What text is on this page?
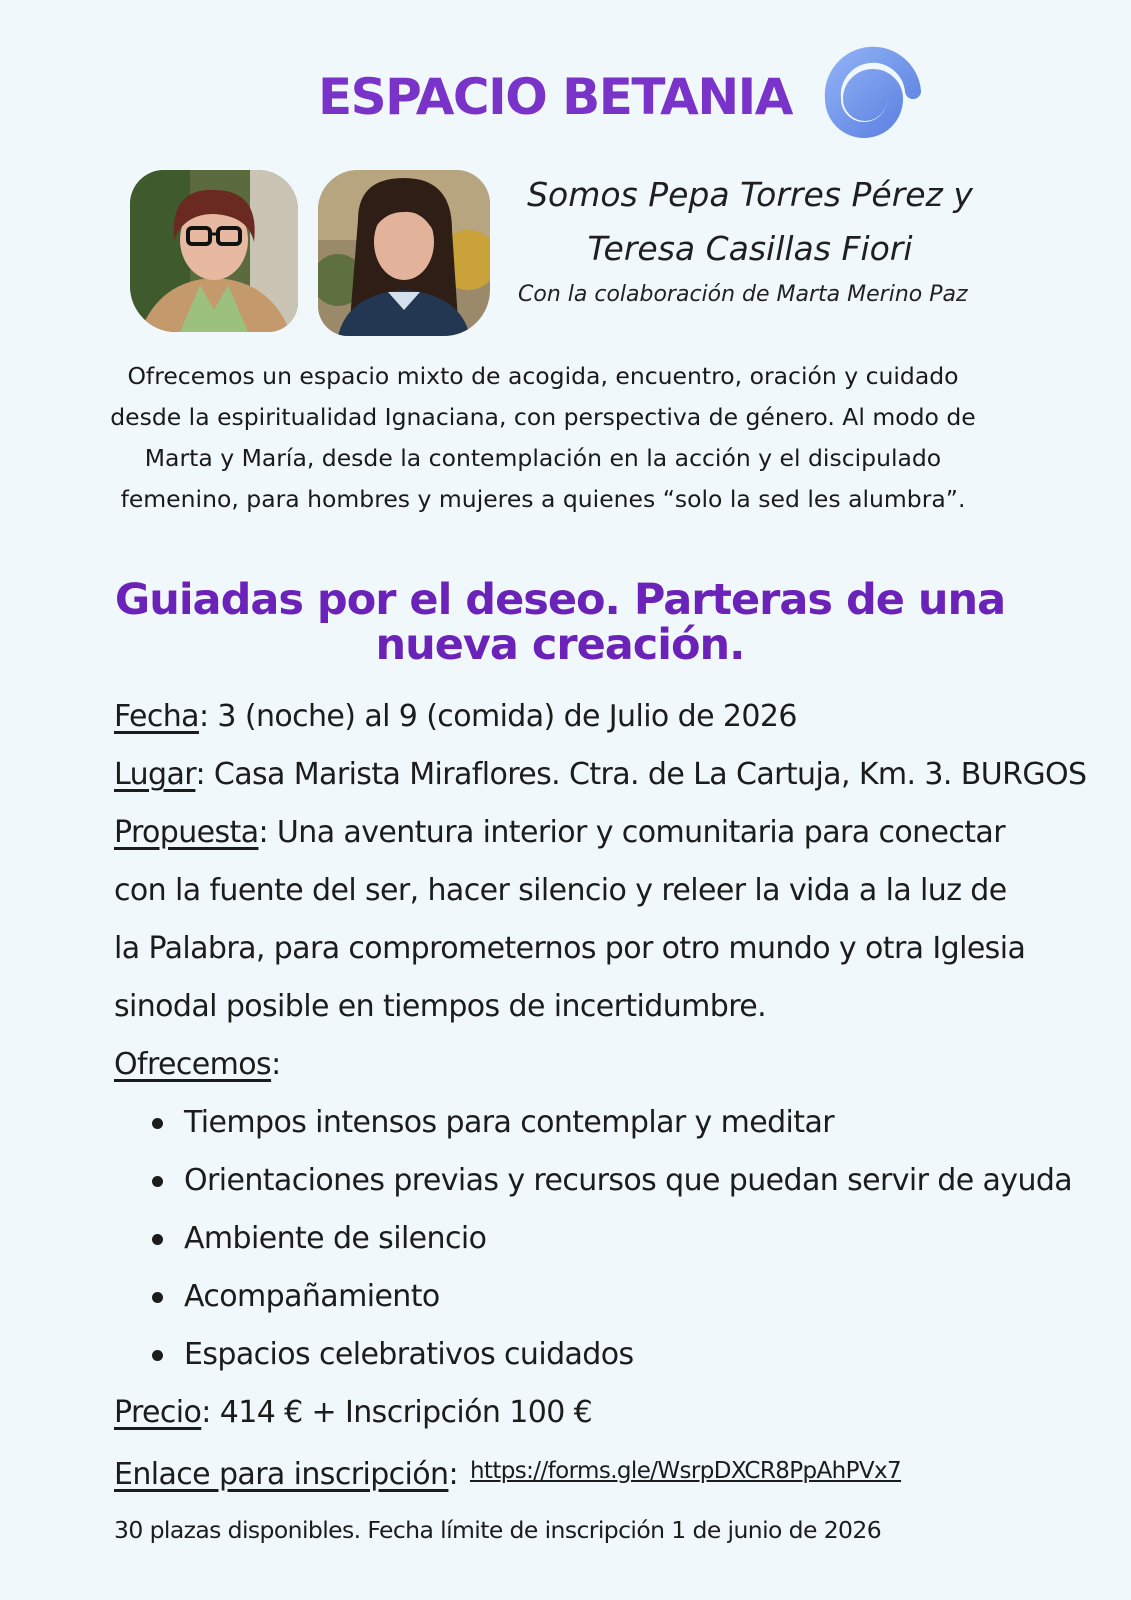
ESPACIO BETANIA
Somos Pepa Torres Pérez y
Teresa Casillas Fiori
Con la colaboración de Marta Merino Paz

Ofrecemos un espacio mixto de acogida, encuentro, oración y cuidado desde la espiritualidad Ignaciana, con perspectiva de género. Al modo de Marta y María, desde la contemplación en la acción y el discipulado femenino, para hombres y mujeres a quienes “solo la sed les alumbra”.

Guiadas por el deseo. Parteras de una nueva creación.
Fecha: 3 (noche) al 9 (comida) de Julio de 2026
Lugar: Casa Marista Miraflores. Ctra. de La Cartuja, Km. 3. BURGOS

Propuesta: Una aventura interior y comunitaria para conectar con la fuente del ser, hacer silencio y releer la vida a la luz de la Palabra, para comprometernos por otro mundo y otra Iglesia sinodal posible en tiempos de incertidumbre.

Ofrecemos:
Tiempos intensos para contemplar y meditar
Orientaciones previas y recursos que puedan servir de ayuda
Ambiente de silencio
Acompañamiento
Espacios celebrativos cuidados
Precio: 414 € + Inscripción 100 €
Enlace para inscripción: $^{https://forms.gle/WsrpDXCR8PpAhPVx7}$
30 plazas disponibles. Fecha límite de inscripción 1 de junio de 2026
